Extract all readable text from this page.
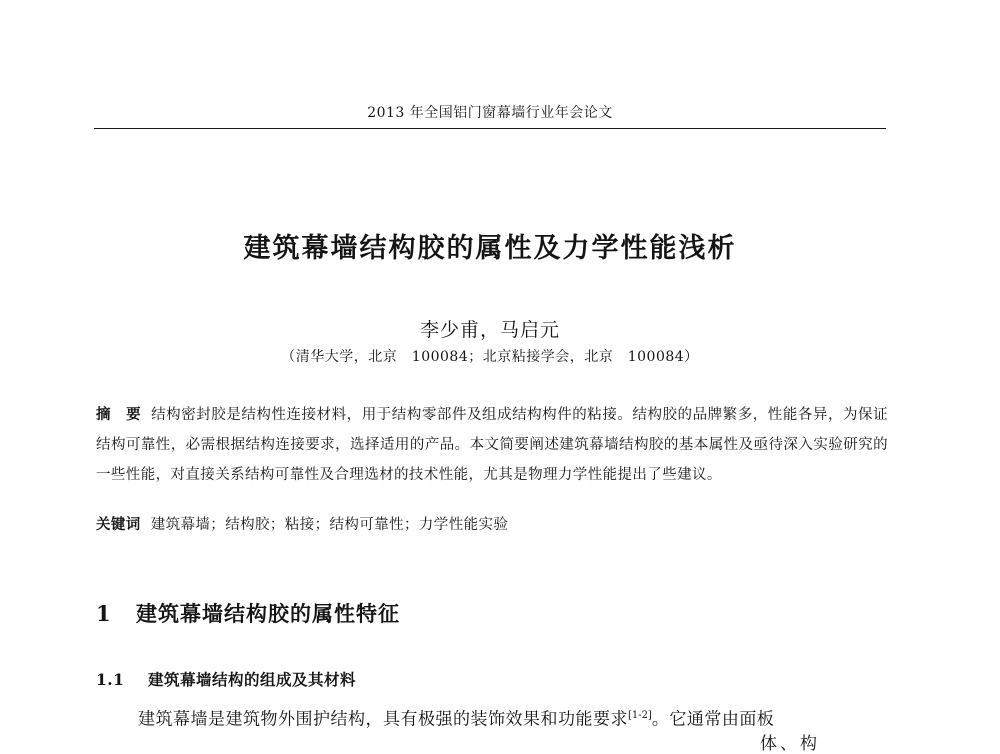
2013 年全国铝门窗幕墙行业年会论文
建筑幕墙结构胶的属性及力学性能浅析
李少甫，马启元
（清华大学，北京　100084；北京粘接学会，北京　100084）
摘　要 结构密封胶是结构性连接材料，用于结构零部件及组成结构构件的粘接。结构胶的品牌繁多，性能各异，为保证结构可靠性，必需根据结构连接要求，选择适用的产品。本文简要阐述建筑幕墙结构胶的基本属性及亟待深入实验研究的一些性能，对直接关系结构可靠性及合理选材的技术性能，尤其是物理力学性能提出了些建议。
关键词 建筑幕墙；结构胶；粘接；结构可靠性；力学性能实验
1 建筑幕墙结构胶的属性特征
1.1 建筑幕墙结构的组成及其材料
建筑幕墙是建筑物外围护结构，具有极强的装饰效果和功能要求[1-2]。它通常由面板
体、构
